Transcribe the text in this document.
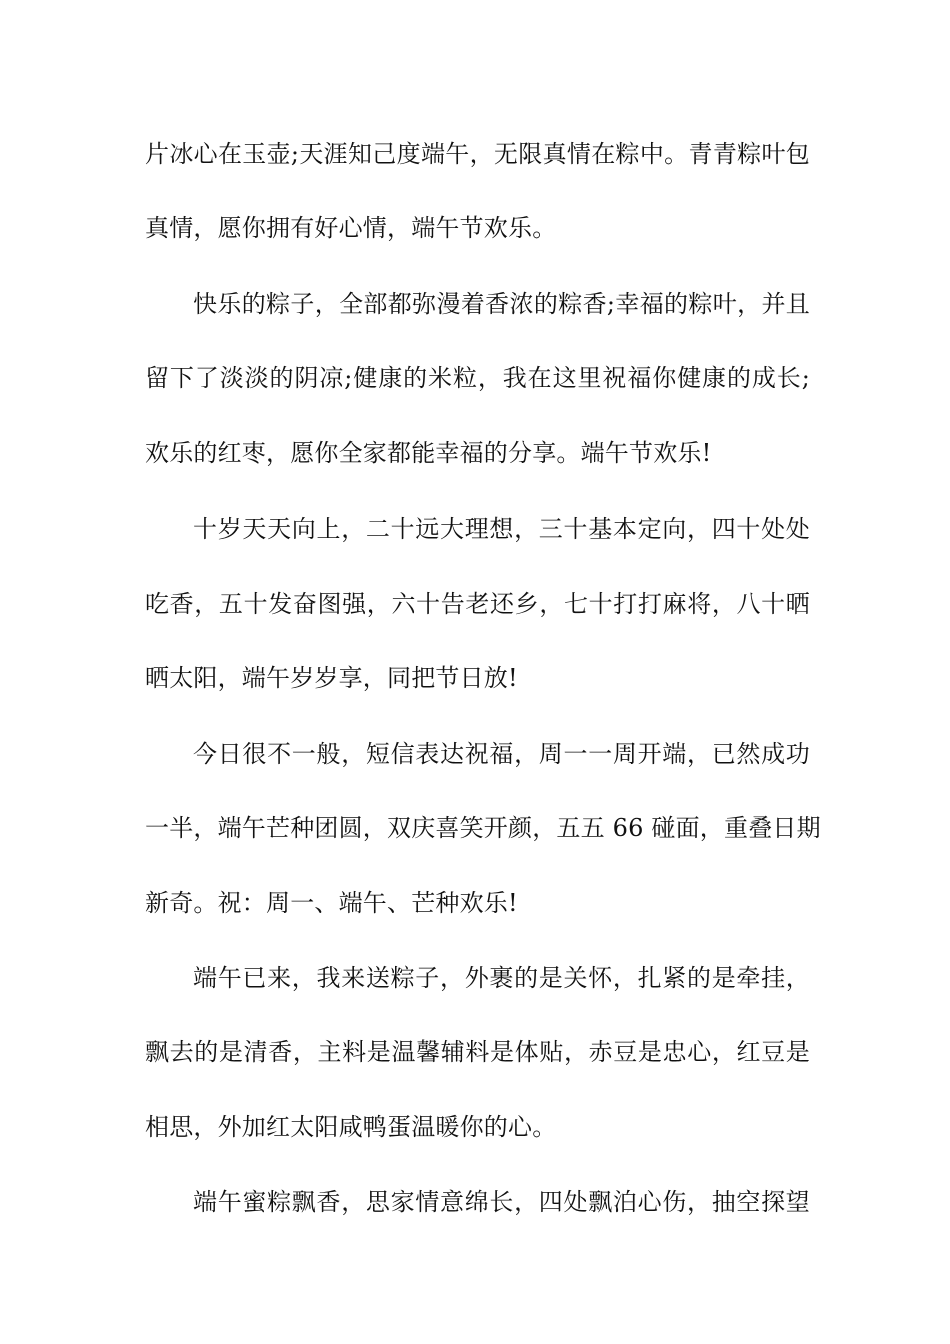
片冰心在玉壶;天涯知己度端午，无限真情在粽中。青青粽叶包
真情，愿你拥有好心情，端午节欢乐。
快乐的粽子，全部都弥漫着香浓的粽香;幸福的粽叶，并且
留下了淡淡的阴凉;健康的米粒，我在这里祝福你健康的成长;
欢乐的红枣，愿你全家都能幸福的分享。端午节欢乐!
十岁天天向上，二十远大理想，三十基本定向，四十处处
吃香，五十发奋图强，六十告老还乡，七十打打麻将，八十晒
晒太阳，端午岁岁享，同把节日放!
今日很不一般，短信表达祝福，周一一周开端，已然成功
一半，端午芒种团圆，双庆喜笑开颜，五五 66 碰面，重叠日期
新奇。祝：周一、端午、芒种欢乐!
端午已来，我来送粽子，外裹的是关怀，扎紧的是牵挂，
飘去的是清香，主料是温馨辅料是体贴，赤豆是忠心，红豆是
相思，外加红太阳咸鸭蛋温暖你的心。
端午蜜粽飘香，思家情意绵长，四处飘泊心伤，抽空探望
